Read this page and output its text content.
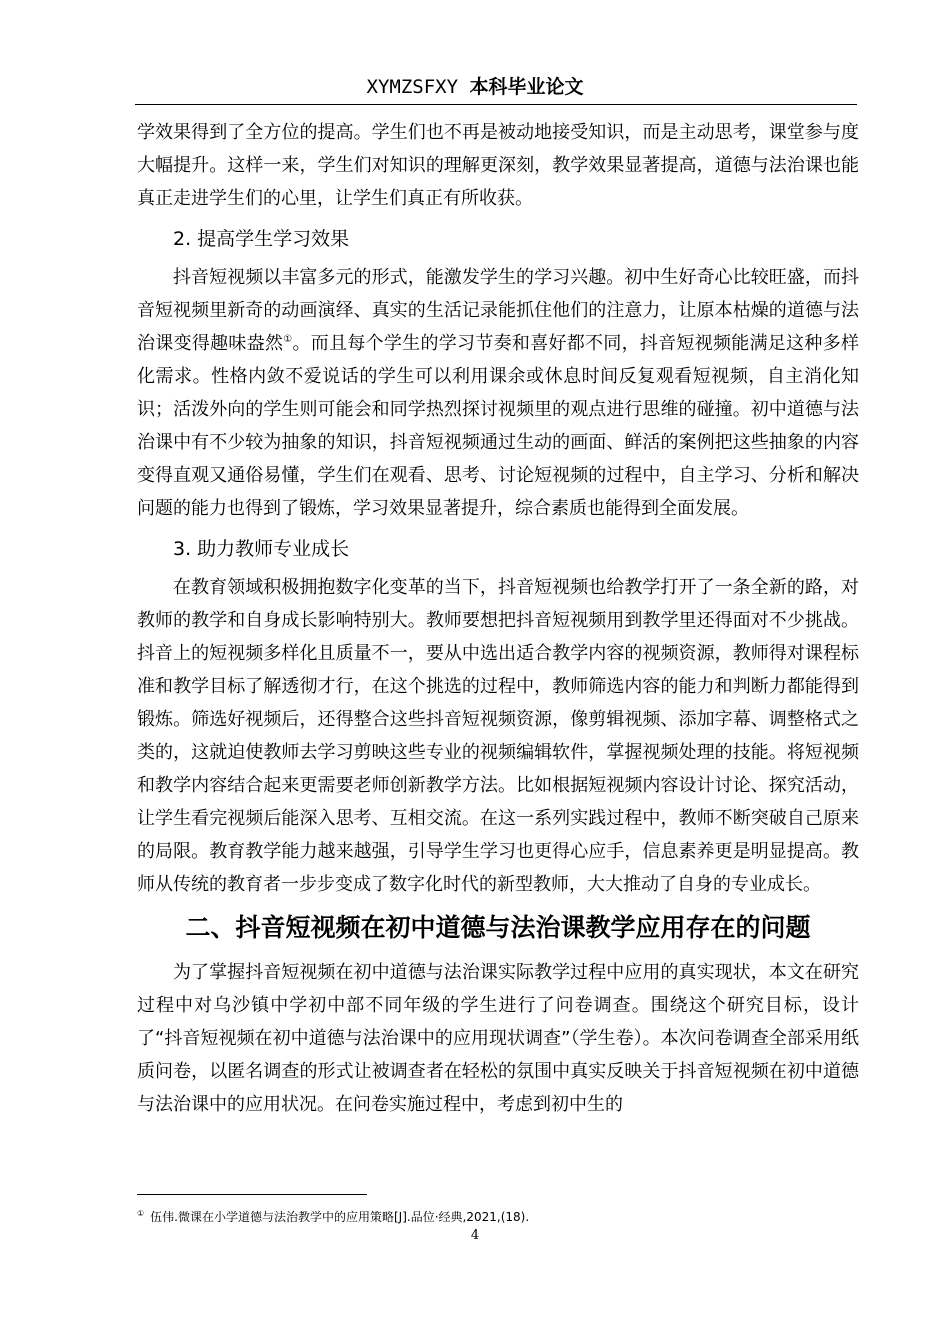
XYMZSFXY 本科毕业论文

学效果得到了全方位的提高。学生们也不再是被动地接受知识，而是主动思考，课堂参与度大幅提升。这样一来，学生们对知识的理解更深刻，教学效果显著提高，道德与法治课也能真正走进学生们的心里，让学生们真正有所收获。

2. 提高学生学习效果

抖音短视频以丰富多元的形式，能激发学生的学习兴趣。初中生好奇心比较旺盛，而抖音短视频里新奇的动画演绎、真实的生活记录能抓住他们的注意力，让原本枯燥的道德与法治课变得趣味盎然①。而且每个学生的学习节奏和喜好都不同，抖音短视频能满足这种多样化需求。性格内敛不爱说话的学生可以利用课余或休息时间反复观看短视频，自主消化知识；活泼外向的学生则可能会和同学热烈探讨视频里的观点进行思维的碰撞。初中道德与法治课中有不少较为抽象的知识，抖音短视频通过生动的画面、鲜活的案例把这些抽象的内容变得直观又通俗易懂，学生们在观看、思考、讨论短视频的过程中，自主学习、分析和解决问题的能力也得到了锻炼，学习效果显著提升，综合素质也能得到全面发展。

3. 助力教师专业成长

在教育领域积极拥抱数字化变革的当下，抖音短视频也给教学打开了一条全新的路，对教师的教学和自身成长影响特别大。教师要想把抖音短视频用到教学里还得面对不少挑战。抖音上的短视频多样化且质量不一，要从中选出适合教学内容的视频资源，教师得对课程标准和教学目标了解透彻才行，在这个挑选的过程中，教师筛选内容的能力和判断力都能得到锻炼。筛选好视频后，还得整合这些抖音短视频资源，像剪辑视频、添加字幕、调整格式之类的，这就迫使教师去学习剪映这些专业的视频编辑软件，掌握视频处理的技能。将短视频和教学内容结合起来更需要老师创新教学方法。比如根据短视频内容设计讨论、探究活动，让学生看完视频后能深入思考、互相交流。在这一系列实践过程中，教师不断突破自己原来的局限。教育教学能力越来越强，引导学生学习也更得心应手，信息素养更是明显提高。教师从传统的教育者一步步变成了数字化时代的新型教师，大大推动了自身的专业成长。

二、抖音短视频在初中道德与法治课教学应用存在的问题

为了掌握抖音短视频在初中道德与法治课实际教学过程中应用的真实现状，本文在研究过程中对乌沙镇中学初中部不同年级的学生进行了问卷调查。围绕这个研究目标，设计了“抖音短视频在初中道德与法治课中的应用现状调查”（学生卷）。本次问卷调查全部采用纸质问卷，以匿名调查的形式让被调查者在轻松的氛围中真实反映关于抖音短视频在初中道德与法治课中的应用状况。在问卷实施过程中，考虑到初中生的

① 伍伟.微课在小学道德与法治教学中的应用策略[J].品位·经典,2021,(18).
4
